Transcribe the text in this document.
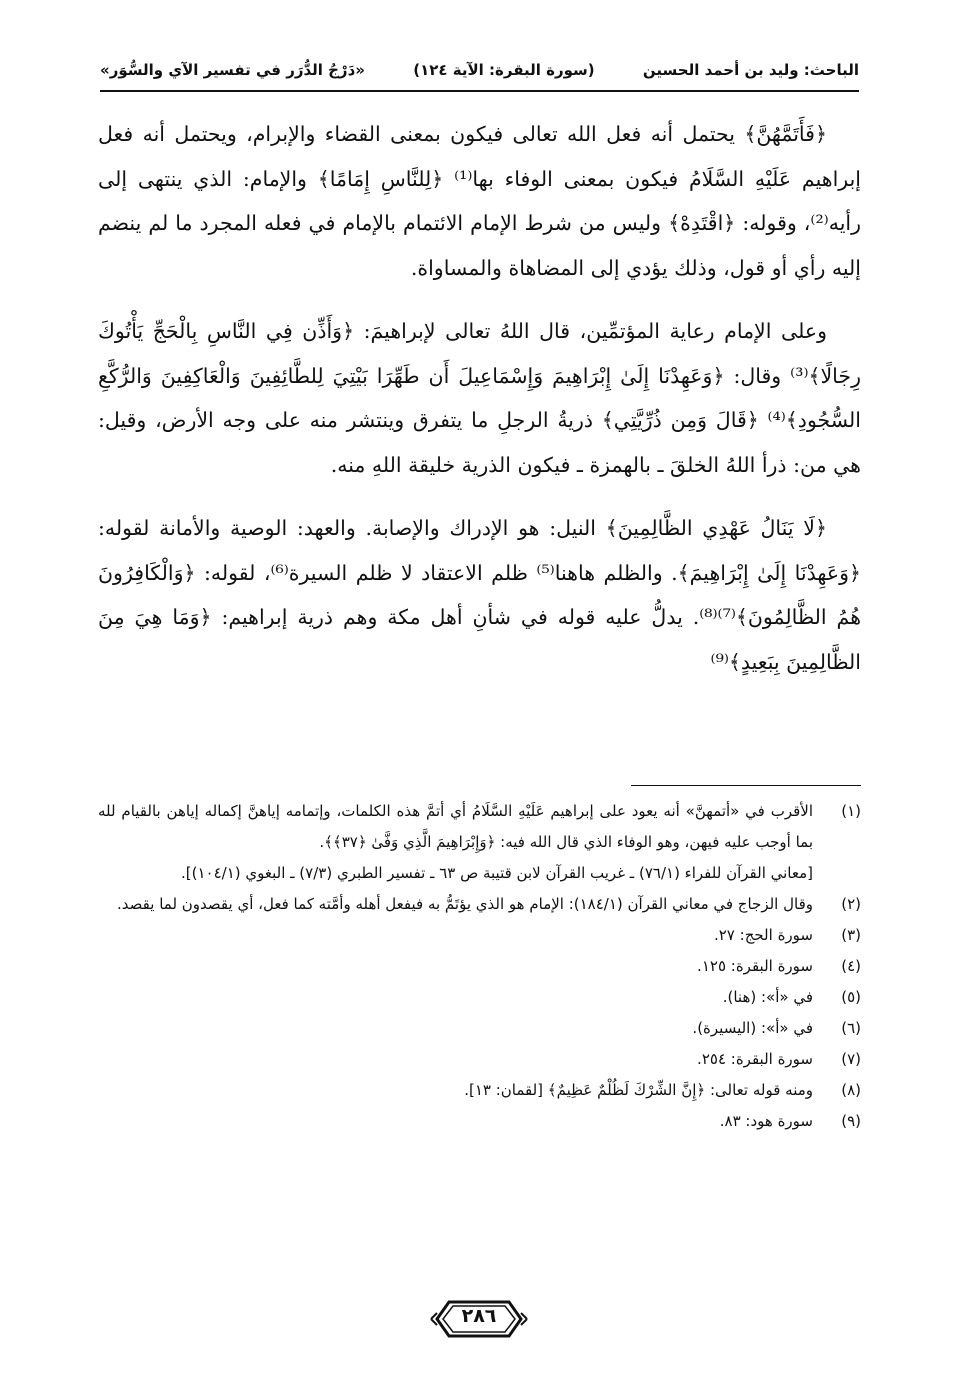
«دَرْجُ الدُّرَر في تفسير الآي والسُّوَر»	(سورة البقرة: الآية ١٢٤)	الباحث: وليد بن أحمد الحسين

﴿فَأَتَمَّهُنَّ﴾ يحتمل أنه فعل الله تعالى فيكون بمعنى القضاء والإبرام، ويحتمل أنه فعل إبراهيم عَلَيْهِ السَّلَامُ فيكون بمعنى الوفاء بها⁽¹⁾ ﴿لِلنَّاسِ إِمَامًا﴾ والإمام: الذي ينتهى إلى رأيه⁽²⁾، وقوله: ﴿اقْتَدِهْ﴾ وليس من شرط الإمام الائتمام بالإمام في فعله المجرد ما لم ينضم إليه رأي أو قول، وذلك يؤدي إلى المضاهاة والمساواة.

وعلى الإمام رعاية المؤتمِّين، قال اللهُ تعالى لإبراهيمَ: ﴿وَأَذِّن فِي النَّاسِ بِالْحَجِّ يَأْتُوكَ رِجَالًا﴾⁽³⁾ وقال: ﴿وَعَهِدْنَا إِلَىٰ إِبْرَاهِيمَ وَإِسْمَاعِيلَ أَن طَهِّرَا بَيْتِيَ لِلطَّائِفِينَ وَالْعَاكِفِينَ وَالرُّكَّعِ السُّجُودِ﴾⁽⁴⁾ ﴿قَالَ وَمِن ذُرِّيَّتِي﴾ ذريةُ الرجلِ ما يتفرق وينتشر منه على وجه الأرض، وقيل: هي من: ذرأ اللهُ الخلقَ ـ بالهمزة ـ فيكون الذرية خليقة اللهِ منه.

﴿لَا يَنَالُ عَهْدِي الظَّالِمِينَ﴾ النيل: هو الإدراك والإصابة. والعهد: الوصية والأمانة لقوله: ﴿وَعَهِدْنَا إِلَىٰ إِبْرَاهِيمَ﴾. والظلم هاهنا⁽⁵⁾ ظلم الاعتقاد لا ظلم السيرة⁽⁶⁾، لقوله: ﴿وَالْكَافِرُونَ هُمُ الظَّالِمُونَ﴾⁽⁷⁾⁽⁸⁾. يدلُّ عليه قوله في شأنِ أهل مكة وهم ذرية إبراهيم: ﴿وَمَا هِيَ مِنَ الظَّالِمِينَ بِبَعِيدٍ﴾⁽⁹⁾

(١)
الأقرب في «أتمهنَّ» أنه يعود على إبراهيم عَلَيْهِ السَّلَامُ أي أتمَّ هذه الكلمات، وإتمامه إياهنَّ إكماله إياهن بالقيام لله بما أوجب عليه فيهن، وهو الوفاء الذي قال الله فيه: ﴿وَإِبْرَاهِيمَ الَّذِي وَفَّىٰ ﴿٣٧﴾﴾.
[معاني القرآن للفراء (٧٦/١) ـ غريب القرآن لابن قتيبة ص ٦٣ ـ تفسير الطبري (٧/٣) ـ البغوي (١٠٤/١)].
(٢)
وقال الزجاج في معاني القرآن (١٨٤/١): الإمام هو الذي يؤتَمُّ به فيفعل أهله وأمَّته كما فعل، أي يقصدون لما يقصد.
(٣)
سورة الحج: ٢٧.
(٤)
سورة البقرة: ١٢٥.
(٥)
في «أ»: (هنا).
(٦)
في «أ»: (اليسيرة).
(٧)
سورة البقرة: ٢٥٤.
(٨)
ومنه قوله تعالى: ﴿إِنَّ الشِّرْكَ لَظُلْمٌ عَظِيمٌ﴾ [لقمان: ١٣].
(٩)
سورة هود: ٨٣.
٢٨٦
